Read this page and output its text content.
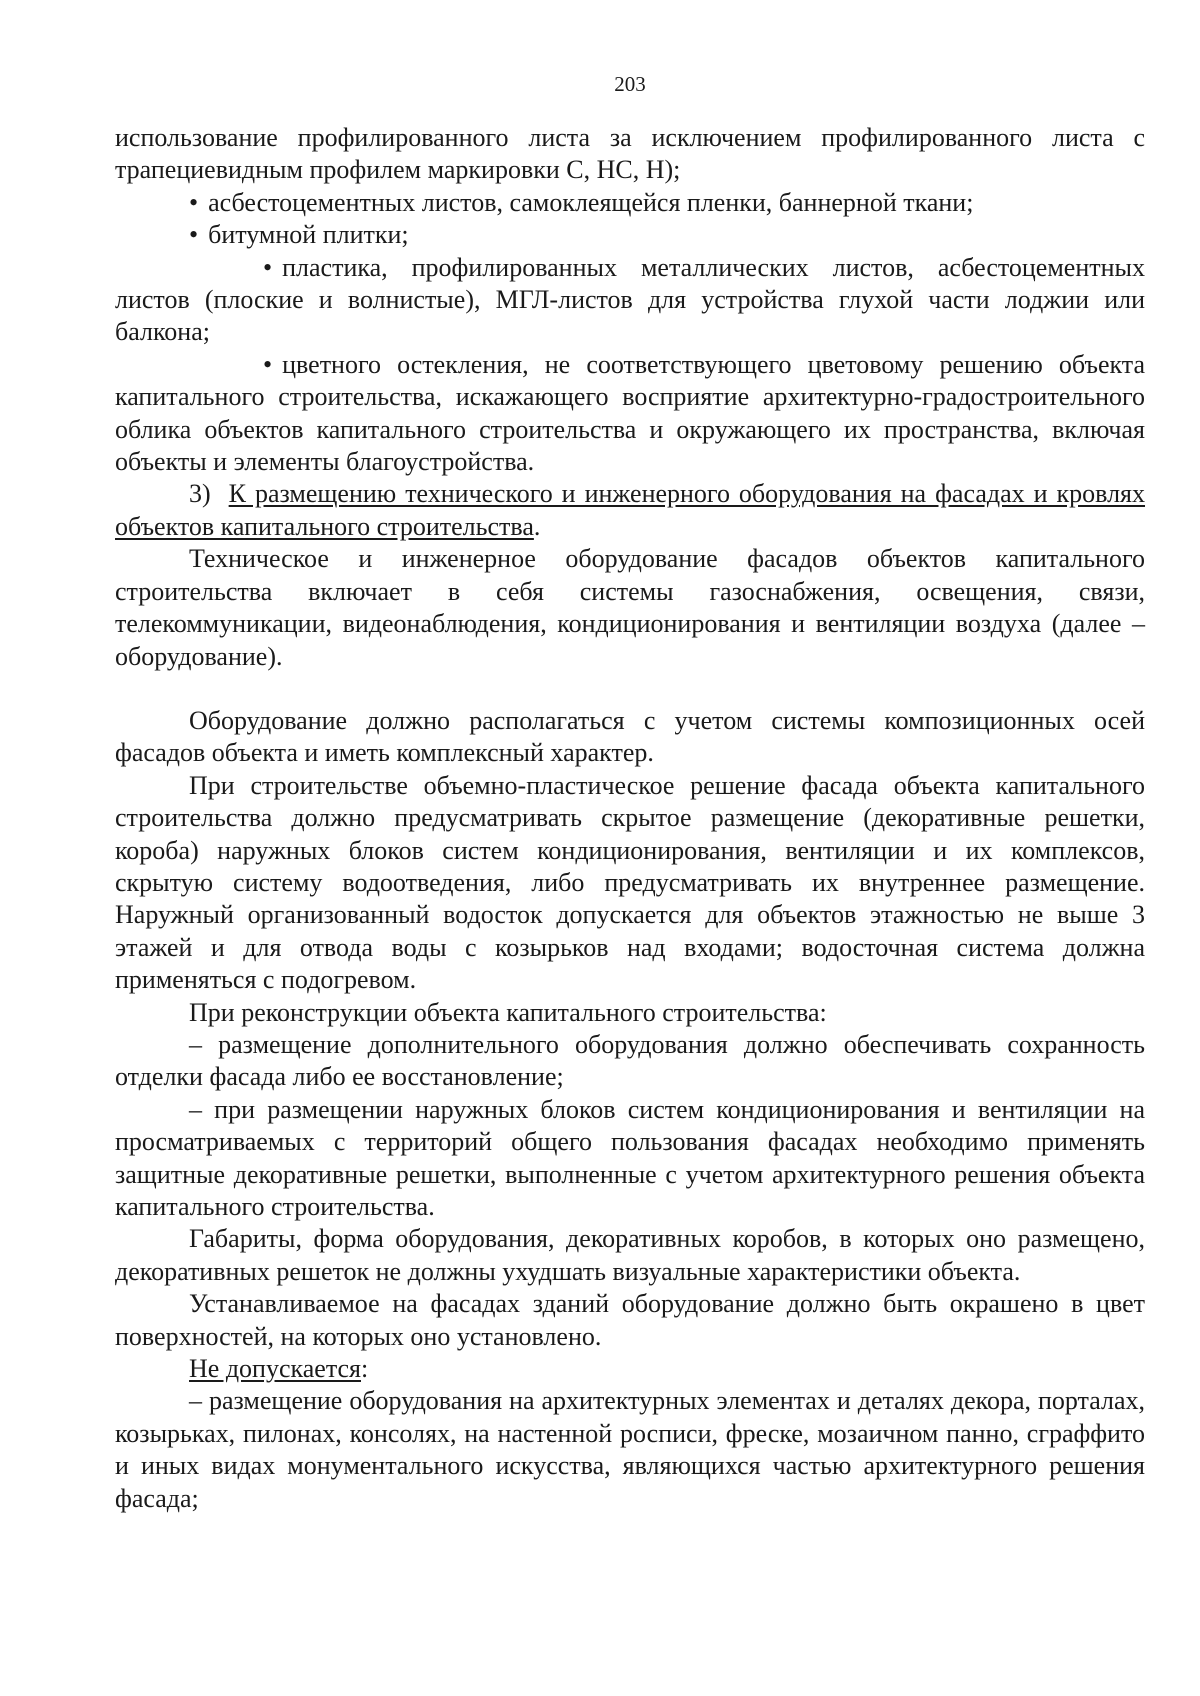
203

использование профилированного листа за исключением профилированного листа с трапециевидным профилем маркировки С, НС, Н);

• асбестоцементных листов, самоклеящейся пленки, баннерной ткани;

• битумной плитки;

• пластика, профилированных металлических листов, асбестоцементных листов (плоские и волнистые), МГЛ-листов для устройства глухой части лоджии или балкона;

• цветного остекления, не соответствующего цветовому решению объекта капитального строительства, искажающего восприятие архитектурно-градостроительного облика объектов капитального строительства и окружающего их пространства, включая объекты и элементы благоустройства.

3) К размещению технического и инженерного оборудования на фасадах и кровлях объектов капитального строительства.

Техническое и инженерное оборудование фасадов объектов капитального строительства включает в себя системы газоснабжения, освещения, связи, телекоммуникации, видеонаблюдения, кондиционирования и вентиляции воздуха (далее – оборудование).

Оборудование должно располагаться с учетом системы композиционных осей фасадов объекта и иметь комплексный характер.

При строительстве объемно-пластическое решение фасада объекта капитального строительства должно предусматривать скрытое размещение (декоративные решетки, короба) наружных блоков систем кондиционирования, вентиляции и их комплексов, скрытую систему водоотведения, либо предусматривать их внутреннее размещение. Наружный организованный водосток допускается для объектов этажностью не выше 3 этажей и для отвода воды с козырьков над входами; водосточная система должна применяться с подогревом.

При реконструкции объекта капитального строительства:

– размещение дополнительного оборудования должно обеспечивать сохранность отделки фасада либо ее восстановление;

– при размещении наружных блоков систем кондиционирования и вентиляции на просматриваемых с территорий общего пользования фасадах необходимо применять защитные декоративные решетки, выполненные с учетом архитектурного решения объекта капитального строительства.

Габариты, форма оборудования, декоративных коробов, в которых оно размещено, декоративных решеток не должны ухудшать визуальные характеристики объекта.

Устанавливаемое на фасадах зданий оборудование должно быть окрашено в цвет поверхностей, на которых оно установлено.

Не допускается:

– размещение оборудования на архитектурных элементах и деталях декора, порталах, козырьках, пилонах, консолях, на настенной росписи, фреске, мозаичном панно, сграффито и иных видах монументального искусства, являющихся частью архитектурного решения фасада;
